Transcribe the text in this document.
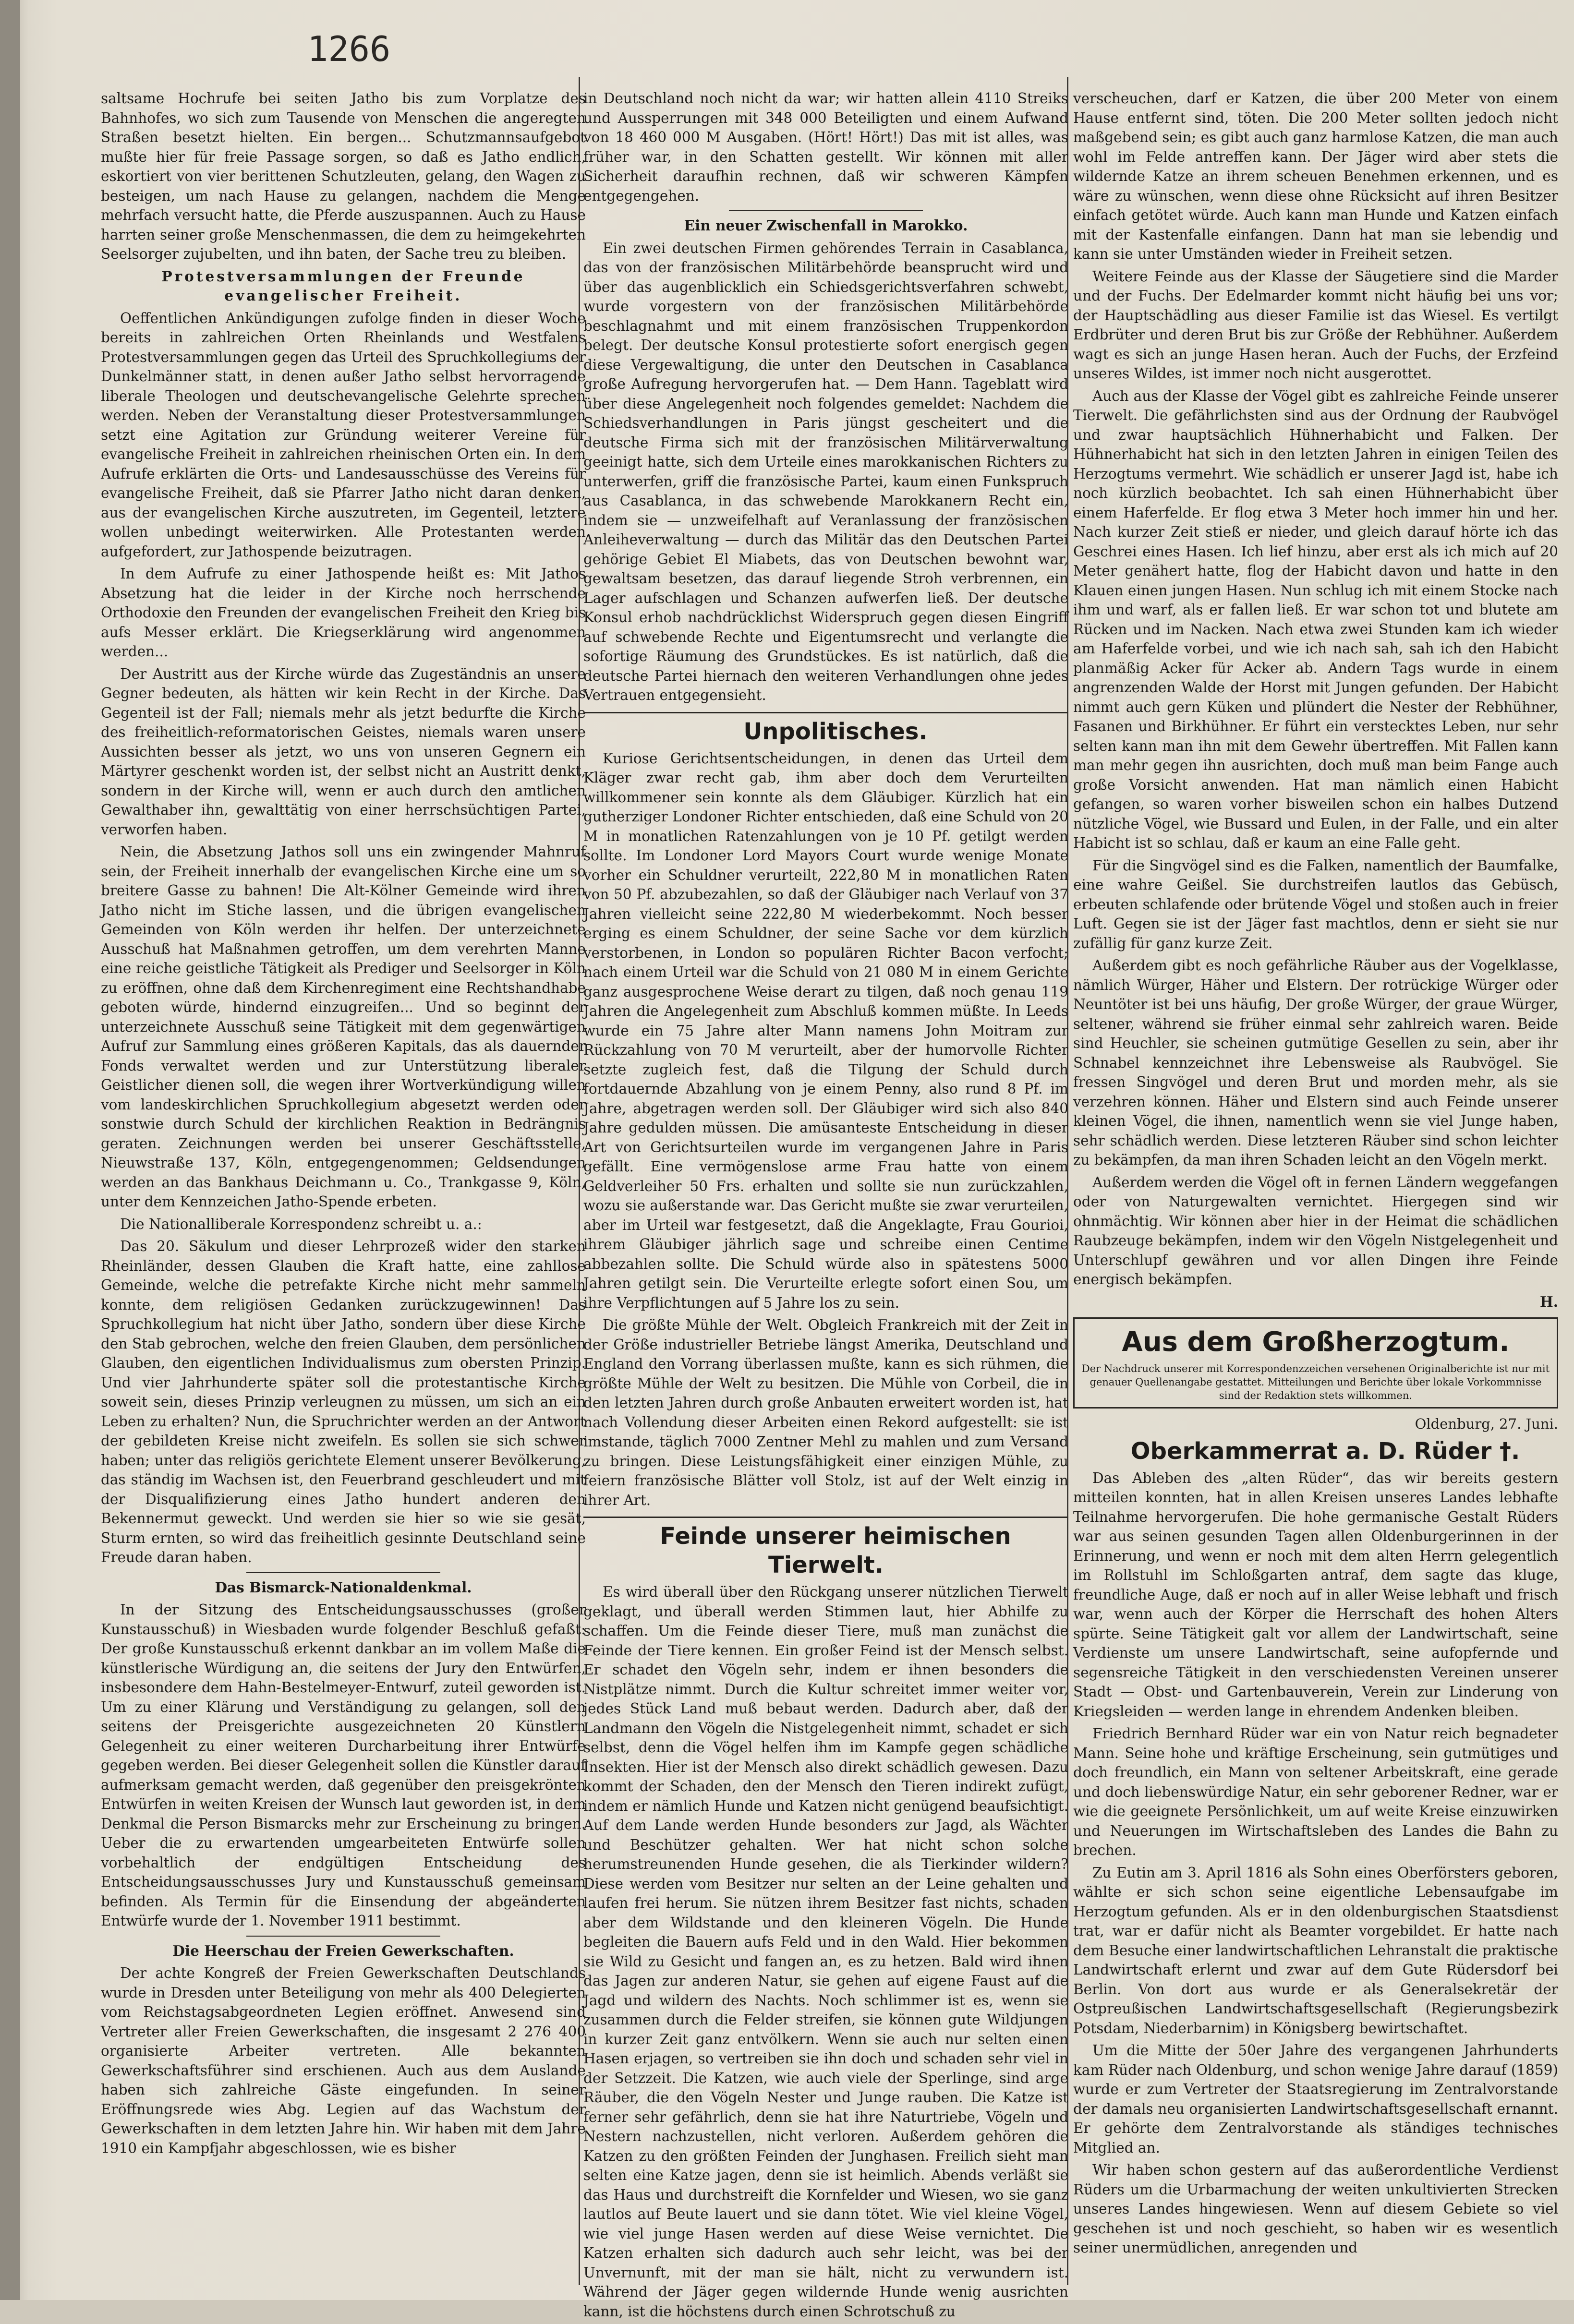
1266

saltsame Hochrufe bei seiten Jatho bis zum Vorplatze des Bahnhofes, wo sich zum Tausende von Menschen die angeregten Straßen besetzt hielten. Ein bergen... Schutzmannsaufgebot mußte hier für freie Passage sorgen, so daß es Jatho endlich, eskortiert von vier berittenen Schutzleuten, gelang, den Wagen zu besteigen, um nach Hause zu gelangen, nachdem die Menge mehrfach versucht hatte, die Pferde auszuspannen. Auch zu Hause harrten seiner große Menschenmassen, die dem zu heimgekehrten Seelsorger zujubelten, und ihn baten, der Sache treu zu bleiben.

Protestversammlungen der Freunde evangelischer Freiheit.

Oeffentlichen Ankündigungen zufolge finden in dieser Woche bereits in zahlreichen Orten Rheinlands und Westfalens Protestversammlungen gegen das Urteil des Spruchkollegiums der Dunkelmänner statt, in denen außer Jatho selbst hervorragende liberale Theologen und deutschevangelische Gelehrte sprechen werden. Neben der Veranstaltung dieser Protestversammlungen setzt eine Agitation zur Gründung weiterer Vereine für evangelische Freiheit in zahlreichen rheinischen Orten ein. In dem Aufrufe erklärten die Orts- und Landesausschüsse des Vereins für evangelische Freiheit, daß sie Pfarrer Jatho nicht daran denken, aus der evangelischen Kirche auszutreten, im Gegenteil, letztere wollen unbedingt weiterwirken. Alle Protestanten werden aufgefordert, zur Jathospende beizutragen.

In dem Aufrufe zu einer Jathospende heißt es: Mit Jathos Absetzung hat die leider in der Kirche noch herrschende Orthodoxie den Freunden der evangelischen Freiheit den Krieg bis aufs Messer erklärt. Die Kriegserklärung wird angenommen werden...

Der Austritt aus der Kirche würde das Zugeständnis an unsere Gegner bedeuten, als hätten wir kein Recht in der Kirche. Das Gegenteil ist der Fall; niemals mehr als jetzt bedurfte die Kirche des freiheitlich-reformatorischen Geistes, niemals waren unsere Aussichten besser als jetzt, wo uns von unseren Gegnern ein Märtyrer geschenkt worden ist, der selbst nicht an Austritt denkt, sondern in der Kirche will, wenn er auch durch den amtlichen Gewalthaber ihn, gewalttätig von einer herrschsüchtigen Partei, verworfen haben.

Nein, die Absetzung Jathos soll uns ein zwingender Mahnruf sein, der Freiheit innerhalb der evangelischen Kirche eine um so breitere Gasse zu bahnen! Die Alt-Kölner Gemeinde wird ihren Jatho nicht im Stiche lassen, und die übrigen evangelischen Gemeinden von Köln werden ihr helfen. Der unterzeichnete Ausschuß hat Maßnahmen getroffen, um dem verehrten Manne eine reiche geistliche Tätigkeit als Prediger und Seelsorger in Köln zu eröffnen, ohne daß dem Kirchenregiment eine Rechtshandhabe geboten würde, hindernd einzugreifen... Und so beginnt der unterzeichnete Ausschuß seine Tätigkeit mit dem gegenwärtigen Aufruf zur Sammlung eines größeren Kapitals, das als dauernder Fonds verwaltet werden und zur Unterstützung liberaler Geistlicher dienen soll, die wegen ihrer Wortverkündigung willen vom landeskirchlichen Spruchkollegium abgesetzt werden oder sonstwie durch Schuld der kirchlichen Reaktion in Bedrängnis geraten. Zeichnungen werden bei unserer Geschäftsstelle, Nieuwstraße 137, Köln, entgegengenommen; Geldsendungen werden an das Bankhaus Deichmann u. Co., Trankgasse 9, Köln, unter dem Kennzeichen Jatho-Spende erbeten.

Die Nationalliberale Korrespondenz schreibt u. a.:

Das 20. Säkulum und dieser Lehrprozeß wider den starken Rheinländer, dessen Glauben die Kraft hatte, eine zahllose Gemeinde, welche die petrefakte Kirche nicht mehr sammeln konnte, dem religiösen Gedanken zurückzugewinnen! Das Spruchkollegium hat nicht über Jatho, sondern über diese Kirche den Stab gebrochen, welche den freien Glauben, dem persönlichen Glauben, den eigentlichen Individualismus zum obersten Prinzip. Und vier Jahrhunderte später soll die protestantische Kirche soweit sein, dieses Prinzip verleugnen zu müssen, um sich an ein Leben zu erhalten? Nun, die Spruchrichter werden an der Antwort der gebildeten Kreise nicht zweifeln. Es sollen sie sich schwer haben; unter das religiös gerichtete Element unserer Bevölkerung, das ständig im Wachsen ist, den Feuerbrand geschleudert und mit der Disqualifizierung eines Jatho hundert anderen den Bekennermut geweckt. Und werden sie hier so wie sie gesät, Sturm ernten, so wird das freiheitlich gesinnte Deutschland seine Freude daran haben.

Das Bismarck-Nationaldenkmal.

In der Sitzung des Entscheidungsausschusses (großer Kunstausschuß) in Wiesbaden wurde folgender Beschluß gefaßt: Der große Kunstausschuß erkennt dankbar an im vollem Maße die künstlerische Würdigung an, die seitens der Jury den Entwürfen, insbesondere dem Hahn-Bestelmeyer-Entwurf, zuteil geworden ist. Um zu einer Klärung und Verständigung zu gelangen, soll den seitens der Preisgerichte ausgezeichneten 20 Künstlern Gelegenheit zu einer weiteren Durcharbeitung ihrer Entwürfe gegeben werden. Bei dieser Gelegenheit sollen die Künstler darauf aufmerksam gemacht werden, daß gegenüber den preisgekrönten Entwürfen in weiten Kreisen der Wunsch laut geworden ist, in dem Denkmal die Person Bismarcks mehr zur Erscheinung zu bringen. Ueber die zu erwartenden umgearbeiteten Entwürfe sollen vorbehaltlich der endgültigen Entscheidung des Entscheidungsausschusses Jury und Kunstausschuß gemeinsam befinden. Als Termin für die Einsendung der abgeänderten Entwürfe wurde der 1. November 1911 bestimmt.

Die Heerschau der Freien Gewerkschaften.

Der achte Kongreß der Freien Gewerkschaften Deutschlands wurde in Dresden unter Beteiligung von mehr als 400 Delegierten vom Reichstagsabgeordneten Legien eröffnet. Anwesend sind Vertreter aller Freien Gewerkschaften, die insgesamt 2 276 400 organisierte Arbeiter vertreten. Alle bekannten Gewerkschaftsführer sind erschienen. Auch aus dem Auslande haben sich zahlreiche Gäste eingefunden. In seiner Eröffnungsrede wies Abg. Legien auf das Wachstum der Gewerkschaften in dem letzten Jahre hin. Wir haben mit dem Jahre 1910 ein Kampfjahr abgeschlossen, wie es bisher

in Deutschland noch nicht da war; wir hatten allein 4110 Streiks und Aussperrungen mit 348 000 Beteiligten und einem Aufwand von 18 460 000 M Ausgaben. (Hört! Hört!) Das mit ist alles, was früher war, in den Schatten gestellt. Wir können mit aller Sicherheit daraufhin rechnen, daß wir schweren Kämpfen entgegengehen.

Ein neuer Zwischenfall in Marokko.

Ein zwei deutschen Firmen gehörendes Terrain in Casablanca, das von der französischen Militärbehörde beansprucht wird und über das augenblicklich ein Schiedsgerichtsverfahren schwebt, wurde vorgestern von der französischen Militärbehörde beschlagnahmt und mit einem französischen Truppenkordon belegt. Der deutsche Konsul protestierte sofort energisch gegen diese Vergewaltigung, die unter den Deutschen in Casablanca große Aufregung hervorgerufen hat. — Dem Hann. Tageblatt wird über diese Angelegenheit noch folgendes gemeldet: Nachdem die Schiedsverhandlungen in Paris jüngst gescheitert und die deutsche Firma sich mit der französischen Militärverwaltung geeinigt hatte, sich dem Urteile eines marokkanischen Richters zu unterwerfen, griff die französische Partei, kaum einen Funkspruch aus Casablanca, in das schwebende Marokkanern Recht ein, indem sie — unzweifelhaft auf Veranlassung der französischen Anleiheverwaltung — durch das Militär das den Deutschen Partei gehörige Gebiet El Miabets, das von Deutschen bewohnt war, gewaltsam besetzen, das darauf liegende Stroh verbrennen, ein Lager aufschlagen und Schanzen aufwerfen ließ. Der deutsche Konsul erhob nachdrücklichst Widerspruch gegen diesen Eingriff auf schwebende Rechte und Eigentumsrecht und verlangte die sofortige Räumung des Grundstückes. Es ist natürlich, daß die deutsche Partei hiernach den weiteren Verhandlungen ohne jedes Vertrauen entgegensieht.

Unpolitisches.

Kuriose Gerichtsentscheidungen, in denen das Urteil dem Kläger zwar recht gab, ihm aber doch dem Verurteilten willkommener sein konnte als dem Gläubiger. Kürzlich hat ein gutherziger Londoner Richter entschieden, daß eine Schuld von 20 M in monatlichen Ratenzahlungen von je 10 Pf. getilgt werden sollte. Im Londoner Lord Mayors Court wurde wenige Monate vorher ein Schuldner verurteilt, 222,80 M in monatlichen Raten von 50 Pf. abzubezahlen, so daß der Gläubiger nach Verlauf von 37 Jahren vielleicht seine 222,80 M wiederbekommt. Noch besser erging es einem Schuldner, der seine Sache vor dem kürzlich verstorbenen, in London so populären Richter Bacon verfocht; nach einem Urteil war die Schuld von 21 080 M in einem Gerichte ganz ausgesprochene Weise derart zu tilgen, daß noch genau 119 Jahren die Angelegenheit zum Abschluß kommen müßte. In Leeds wurde ein 75 Jahre alter Mann namens John Moitram zur Rückzahlung von 70 M verurteilt, aber der humorvolle Richter setzte zugleich fest, daß die Tilgung der Schuld durch fortdauernde Abzahlung von je einem Penny, also rund 8 Pf. im Jahre, abgetragen werden soll. Der Gläubiger wird sich also 840 Jahre gedulden müssen. Die amüsanteste Entscheidung in dieser Art von Gerichtsurteilen wurde im vergangenen Jahre in Paris gefällt. Eine vermögenslose arme Frau hatte von einem Geldverleiher 50 Frs. erhalten und sollte sie nun zurückzahlen, wozu sie außerstande war. Das Gericht mußte sie zwar verurteilen, aber im Urteil war festgesetzt, daß die Angeklagte, Frau Gourioi, ihrem Gläubiger jährlich sage und schreibe einen Centime abbezahlen sollte. Die Schuld würde also in spätestens 5000 Jahren getilgt sein. Die Verurteilte erlegte sofort einen Sou, um ihre Verpflichtungen auf 5 Jahre los zu sein.

Die größte Mühle der Welt. Obgleich Frankreich mit der Zeit in der Größe industrieller Betriebe längst Amerika, Deutschland und England den Vorrang überlassen mußte, kann es sich rühmen, die größte Mühle der Welt zu besitzen. Die Mühle von Corbeil, die in den letzten Jahren durch große Anbauten erweitert worden ist, hat nach Vollendung dieser Arbeiten einen Rekord aufgestellt: sie ist imstande, täglich 7000 Zentner Mehl zu mahlen und zum Versand zu bringen. Diese Leistungsfähigkeit einer einzigen Mühle, zu feiern französische Blätter voll Stolz, ist auf der Welt einzig in ihrer Art.

Feinde unserer heimischen Tierwelt.

Es wird überall über den Rückgang unserer nützlichen Tierwelt geklagt, und überall werden Stimmen laut, hier Abhilfe zu schaffen. Um die Feinde dieser Tiere, muß man zunächst die Feinde der Tiere kennen. Ein großer Feind ist der Mensch selbst. Er schadet den Vögeln sehr, indem er ihnen besonders die Nistplätze nimmt. Durch die Kultur schreitet immer weiter vor, jedes Stück Land muß bebaut werden. Dadurch aber, daß der Landmann den Vögeln die Nistgelegenheit nimmt, schadet er sich selbst, denn die Vögel helfen ihm im Kampfe gegen schädliche Insekten. Hier ist der Mensch also direkt schädlich gewesen. Dazu kommt der Schaden, den der Mensch den Tieren indirekt zufügt, indem er nämlich Hunde und Katzen nicht genügend beaufsichtigt. Auf dem Lande werden Hunde besonders zur Jagd, als Wächter und Beschützer gehalten. Wer hat nicht schon solche herumstreunenden Hunde gesehen, die als Tierkinder wildern? Diese werden vom Besitzer nur selten an der Leine gehalten und laufen frei herum. Sie nützen ihrem Besitzer fast nichts, schaden aber dem Wildstande und den kleineren Vögeln. Die Hunde begleiten die Bauern aufs Feld und in den Wald. Hier bekommen sie Wild zu Gesicht und fangen an, es zu hetzen. Bald wird ihnen das Jagen zur anderen Natur, sie gehen auf eigene Faust auf die Jagd und wildern des Nachts. Noch schlimmer ist es, wenn sie zusammen durch die Felder streifen, sie können gute Wildjungen in kurzer Zeit ganz entvölkern. Wenn sie auch nur selten einen Hasen erjagen, so vertreiben sie ihn doch und schaden sehr viel in der Setzzeit. Die Katzen, wie auch viele der Sperlinge, sind arge Räuber, die den Vögeln Nester und Junge rauben. Die Katze ist ferner sehr gefährlich, denn sie hat ihre Naturtriebe, Vögeln und Nestern nachzustellen, nicht verloren. Außerdem gehören die Katzen zu den größten Feinden der Junghasen. Freilich sieht man selten eine Katze jagen, denn sie ist heimlich. Abends verläßt sie das Haus und durchstreift die Kornfelder und Wiesen, wo sie ganz lautlos auf Beute lauert und sie dann tötet. Wie viel kleine Vögel, wie viel junge Hasen werden auf diese Weise vernichtet. Die Katzen erhalten sich dadurch auch sehr leicht, was bei der Unvernunft, mit der man sie hält, nicht zu verwundern ist. Während der Jäger gegen wildernde Hunde wenig ausrichten kann, ist die höchstens durch einen Schrotschuß zu

verscheuchen, darf er Katzen, die über 200 Meter von einem Hause entfernt sind, töten. Die 200 Meter sollten jedoch nicht maßgebend sein; es gibt auch ganz harmlose Katzen, die man auch wohl im Felde antreffen kann. Der Jäger wird aber stets die wildernde Katze an ihrem scheuen Benehmen erkennen, und es wäre zu wünschen, wenn diese ohne Rücksicht auf ihren Besitzer einfach getötet würde. Auch kann man Hunde und Katzen einfach mit der Kastenfalle einfangen. Dann hat man sie lebendig und kann sie unter Umständen wieder in Freiheit setzen.

Weitere Feinde aus der Klasse der Säugetiere sind die Marder und der Fuchs. Der Edelmarder kommt nicht häufig bei uns vor; der Hauptschädling aus dieser Familie ist das Wiesel. Es vertilgt Erdbrüter und deren Brut bis zur Größe der Rebhühner. Außerdem wagt es sich an junge Hasen heran. Auch der Fuchs, der Erzfeind unseres Wildes, ist immer noch nicht ausgerottet.

Auch aus der Klasse der Vögel gibt es zahlreiche Feinde unserer Tierwelt. Die gefährlichsten sind aus der Ordnung der Raubvögel und zwar hauptsächlich Hühnerhabicht und Falken. Der Hühnerhabicht hat sich in den letzten Jahren in einigen Teilen des Herzogtums vermehrt. Wie schädlich er unserer Jagd ist, habe ich noch kürzlich beobachtet. Ich sah einen Hühnerhabicht über einem Haferfelde. Er flog etwa 3 Meter hoch immer hin und her. Nach kurzer Zeit stieß er nieder, und gleich darauf hörte ich das Geschrei eines Hasen. Ich lief hinzu, aber erst als ich mich auf 20 Meter genähert hatte, flog der Habicht davon und hatte in den Klauen einen jungen Hasen. Nun schlug ich mit einem Stocke nach ihm und warf, als er fallen ließ. Er war schon tot und blutete am Rücken und im Nacken. Nach etwa zwei Stunden kam ich wieder am Haferfelde vorbei, und wie ich nach sah, sah ich den Habicht planmäßig Acker für Acker ab. Andern Tags wurde in einem angrenzenden Walde der Horst mit Jungen gefunden. Der Habicht nimmt auch gern Küken und plündert die Nester der Rebhühner, Fasanen und Birkhühner. Er führt ein verstecktes Leben, nur sehr selten kann man ihn mit dem Gewehr übertreffen. Mit Fallen kann man mehr gegen ihn ausrichten, doch muß man beim Fange auch große Vorsicht anwenden. Hat man nämlich einen Habicht gefangen, so waren vorher bisweilen schon ein halbes Dutzend nützliche Vögel, wie Bussard und Eulen, in der Falle, und ein alter Habicht ist so schlau, daß er kaum an eine Falle geht.

Für die Singvögel sind es die Falken, namentlich der Baumfalke, eine wahre Geißel. Sie durchstreifen lautlos das Gebüsch, erbeuten schlafende oder brütende Vögel und stoßen auch in freier Luft. Gegen sie ist der Jäger fast machtlos, denn er sieht sie nur zufällig für ganz kurze Zeit.

Außerdem gibt es noch gefährliche Räuber aus der Vogelklasse, nämlich Würger, Häher und Elstern. Der rotrückige Würger oder Neuntöter ist bei uns häufig, Der große Würger, der graue Würger, seltener, während sie früher einmal sehr zahlreich waren. Beide sind Heuchler, sie scheinen gutmütige Gesellen zu sein, aber ihr Schnabel kennzeichnet ihre Lebensweise als Raubvögel. Sie fressen Singvögel und deren Brut und morden mehr, als sie verzehren können. Häher und Elstern sind auch Feinde unserer kleinen Vögel, die ihnen, namentlich wenn sie viel Junge haben, sehr schädlich werden. Diese letzteren Räuber sind schon leichter zu bekämpfen, da man ihren Schaden leicht an den Vögeln merkt.

Außerdem werden die Vögel oft in fernen Ländern weggefangen oder von Naturgewalten vernichtet. Hiergegen sind wir ohnmächtig. Wir können aber hier in der Heimat die schädlichen Raubzeuge bekämpfen, indem wir den Vögeln Nistgelegenheit und Unterschlupf gewähren und vor allen Dingen ihre Feinde energisch bekämpfen.

H.

Aus dem Großherzogtum.
Der Nachdruck unserer mit Korrespondenzzeichen versehenen Originalberichte ist nur mit genauer Quellenangabe gestattet. Mitteilungen und Berichte über lokale Vorkommnisse sind der Redaktion stets willkommen.

Oldenburg, 27. Juni.

Oberkammerrat a. D. Rüder †.

Das Ableben des „alten Rüder“, das wir bereits gestern mitteilen konnten, hat in allen Kreisen unseres Landes lebhafte Teilnahme hervorgerufen. Die hohe germanische Gestalt Rüders war aus seinen gesunden Tagen allen Oldenburgerinnen in der Erinnerung, und wenn er noch mit dem alten Herrn gelegentlich im Rollstuhl im Schloßgarten antraf, dem sagte das kluge, freundliche Auge, daß er noch auf in aller Weise lebhaft und frisch war, wenn auch der Körper die Herrschaft des hohen Alters spürte. Seine Tätigkeit galt vor allem der Landwirtschaft, seine Verdienste um unsere Landwirtschaft, seine aufopfernde und segensreiche Tätigkeit in den verschiedensten Vereinen unserer Stadt — Obst- und Gartenbauverein, Verein zur Linderung von Kriegsleiden — werden lange in ehrendem Andenken bleiben.

Friedrich Bernhard Rüder war ein von Natur reich begnadeter Mann. Seine hohe und kräftige Erscheinung, sein gutmütiges und doch freundlich, ein Mann von seltener Arbeitskraft, eine gerade und doch liebenswürdige Natur, ein sehr geborener Redner, war er wie die geeignete Persönlichkeit, um auf weite Kreise einzuwirken und Neuerungen im Wirtschaftsleben des Landes die Bahn zu brechen.

Zu Eutin am 3. April 1816 als Sohn eines Oberförsters geboren, wählte er sich schon seine eigentliche Lebensaufgabe im Herzogtum gefunden. Als er in den oldenburgischen Staatsdienst trat, war er dafür nicht als Beamter vorgebildet. Er hatte nach dem Besuche einer landwirtschaftlichen Lehranstalt die praktische Landwirtschaft erlernt und zwar auf dem Gute Rüdersdorf bei Berlin. Von dort aus wurde er als Generalsekretär der Ostpreußischen Landwirtschaftsgesellschaft (Regierungsbezirk Potsdam, Niederbarnim) in Königsberg bewirtschaftet.

Um die Mitte der 50er Jahre des vergangenen Jahrhunderts kam Rüder nach Oldenburg, und schon wenige Jahre darauf (1859) wurde er zum Vertreter der Staatsregierung im Zentralvorstande der damals neu organisierten Landwirtschaftsgesellschaft ernannt. Er gehörte dem Zentralvorstande als ständiges technisches Mitglied an.

Wir haben schon gestern auf das außerordentliche Verdienst Rüders um die Urbarmachung der weiten unkultivierten Strecken unseres Landes hingewiesen. Wenn auf diesem Gebiete so viel geschehen ist und noch geschieht, so haben wir es wesentlich seiner unermüdlichen, anregenden und
